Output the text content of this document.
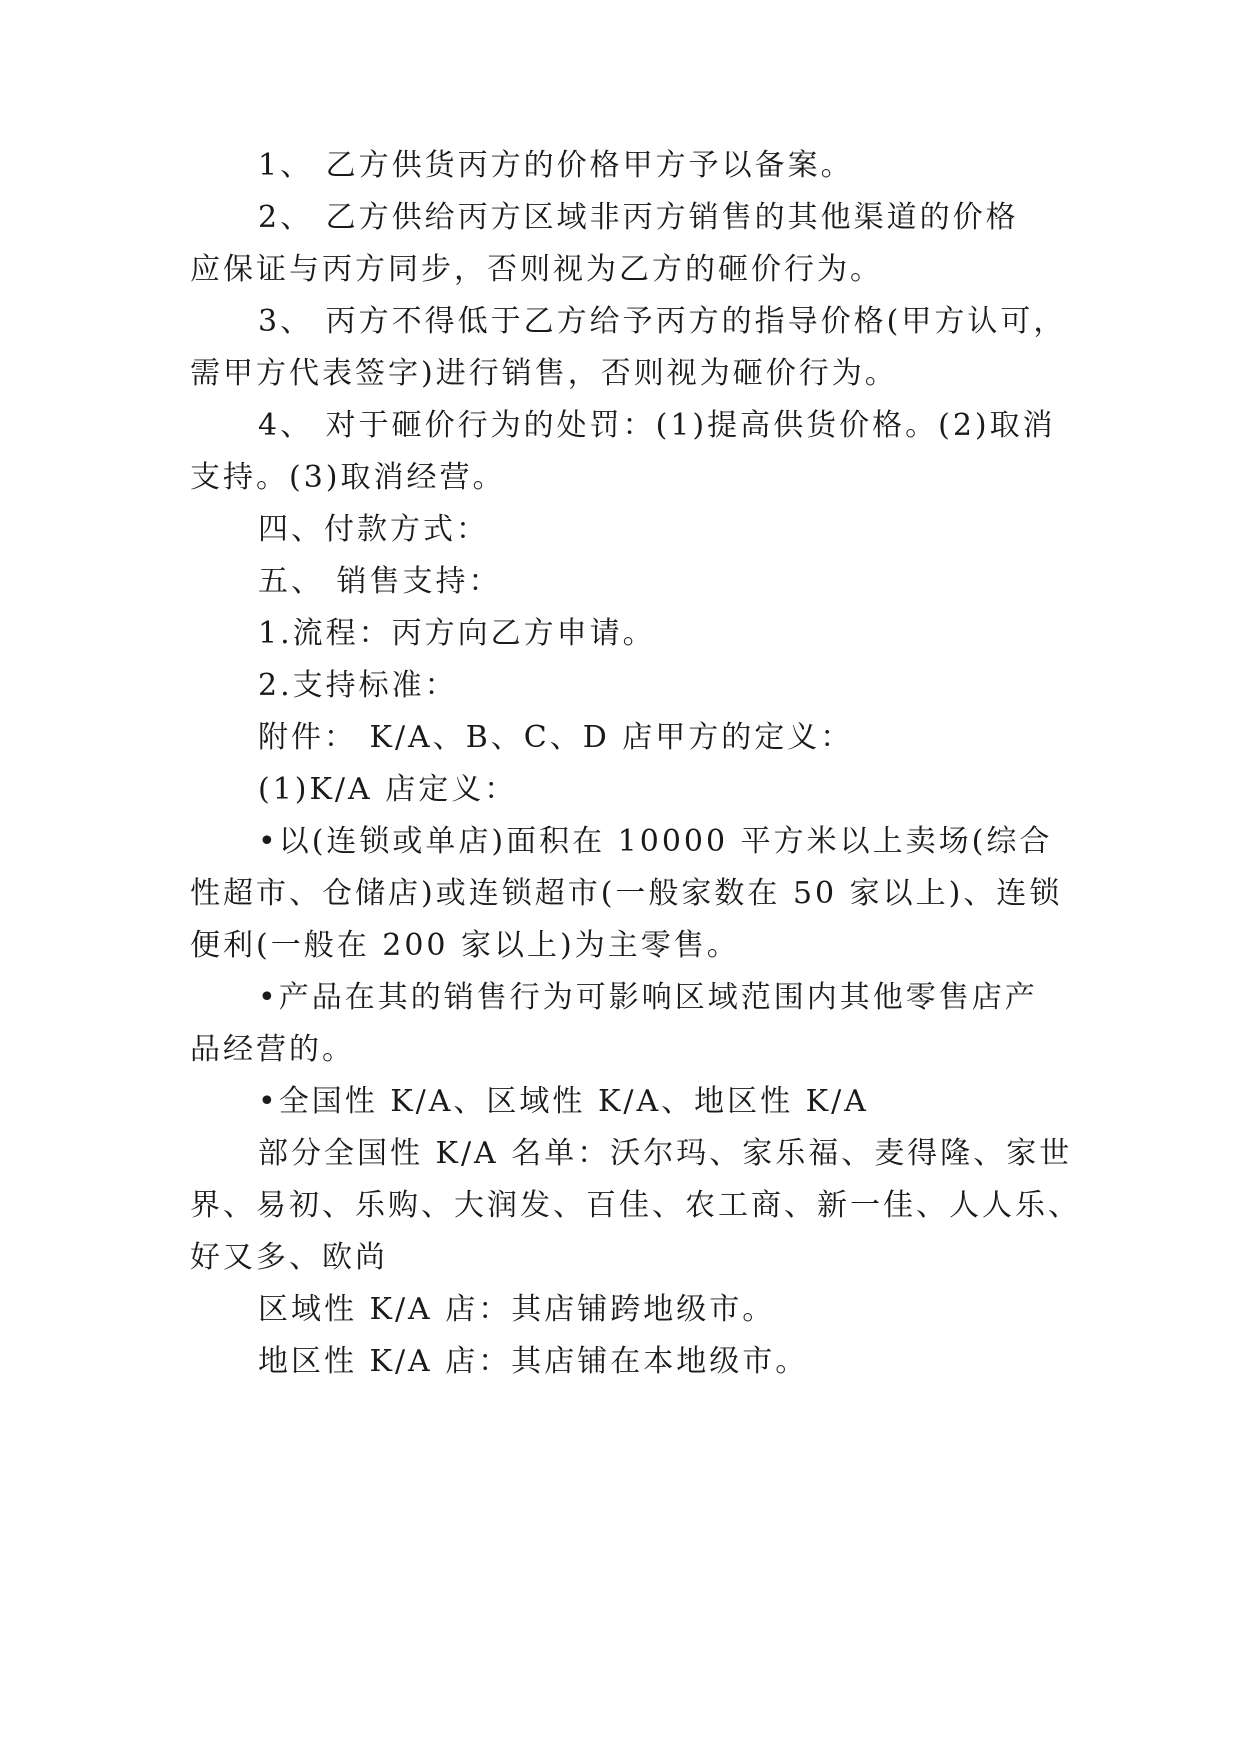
1、 乙方供货丙方的价格甲方予以备案。
2、 乙方供给丙方区域非丙方销售的其他渠道的价格
应保证与丙方同步，否则视为乙方的砸价行为。
3、 丙方不得低于乙方给予丙方的指导价格(甲方认可，
需甲方代表签字)进行销售，否则视为砸价行为。
4、 对于砸价行为的处罚：(1)提高供货价格。(2)取消
支持。(3)取消经营。
四、付款方式：
五、 销售支持：
1.流程：丙方向乙方申请。
2.支持标准：
附件： K/A、B、C、D 店甲方的定义：
(1)K/A 店定义：
•以(连锁或单店)面积在 10000 平方米以上卖场(综合
性超市、仓储店)或连锁超市(一般家数在 50 家以上)、连锁
便利(一般在 200 家以上)为主零售。
•产品在其的销售行为可影响区域范围内其他零售店产
品经营的。
•全国性 K/A、区域性 K/A、地区性 K/A
部分全国性 K/A 名单：沃尔玛、家乐福、麦得隆、家世
界、易初、乐购、大润发、百佳、农工商、新一佳、人人乐、
好又多、欧尚
区域性 K/A 店：其店铺跨地级市。
地区性 K/A 店：其店铺在本地级市。
